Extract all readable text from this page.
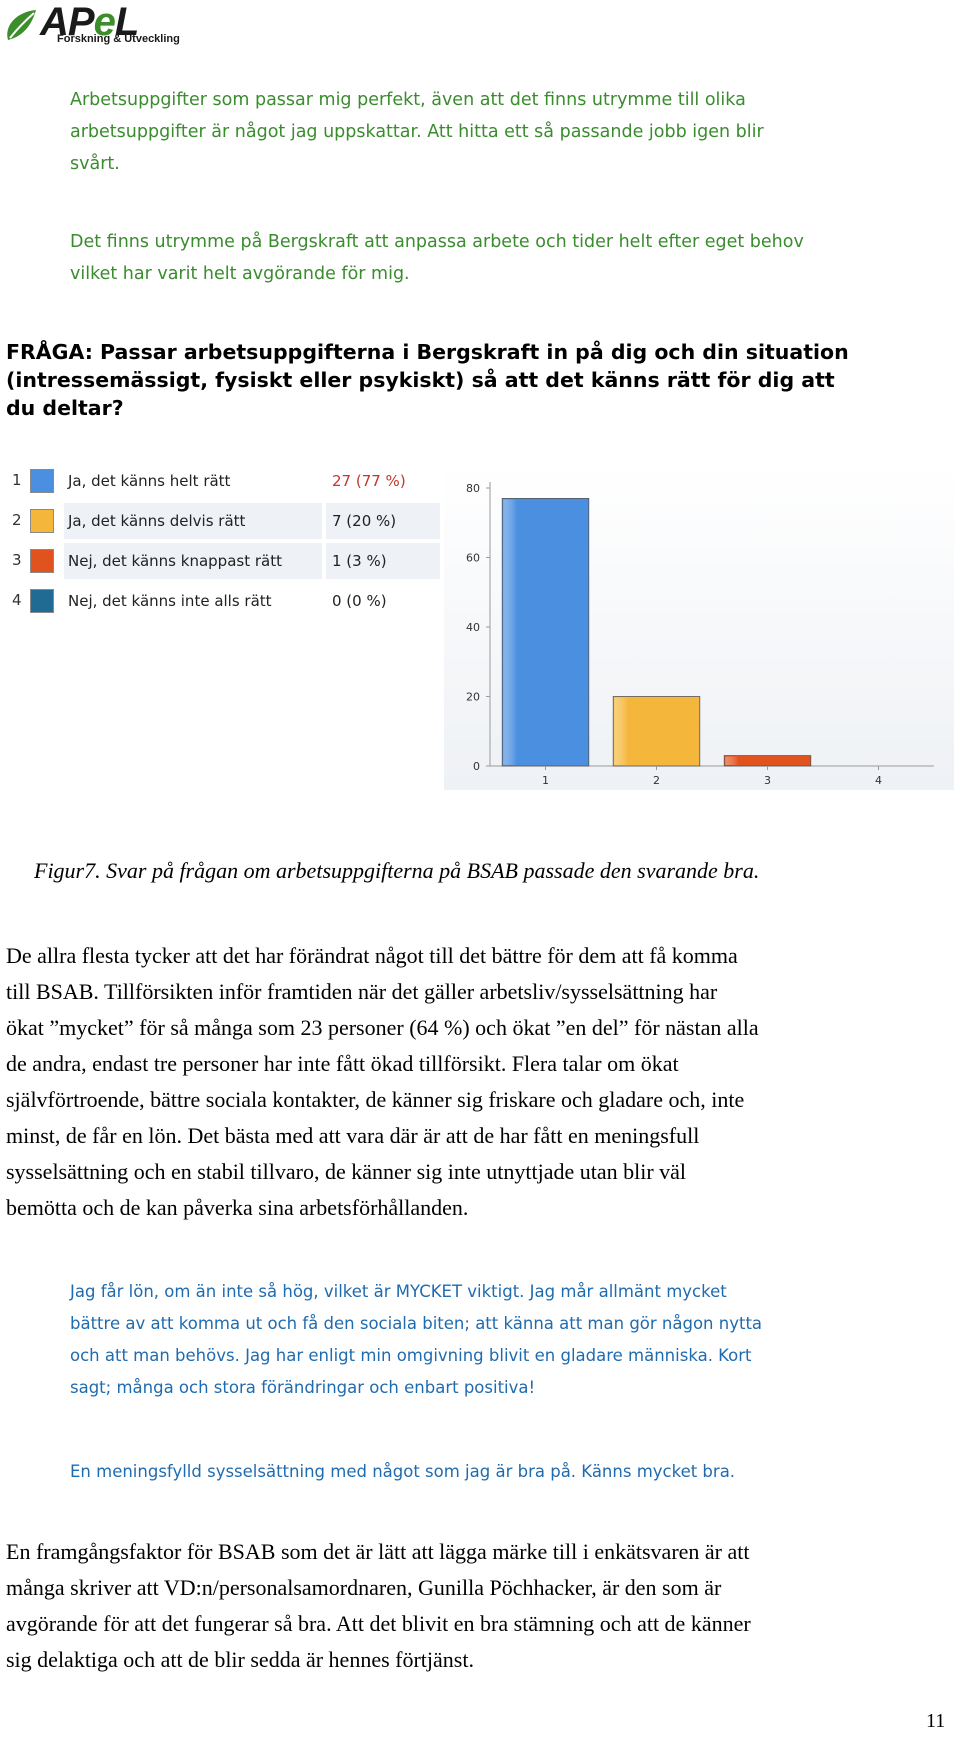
APeL
Forskning & Utveckling
Arbetsuppgifter som passar mig perfekt, även att det finns utrymme till olika
arbetsuppgifter är något jag uppskattar. Att hitta ett så passande jobb igen blir
svårt.
Det finns utrymme på Bergskraft att anpassa arbete och tider helt efter eget behov
vilket har varit helt avgörande för mig.
FRÅGA: Passar arbetsuppgifterna i Bergskraft in på dig och din situation
(intressemässigt, fysiskt eller psykiskt) så att det känns rätt för dig att
du deltar?
1	Ja, det känns helt rätt	27 (77 %)
2	Ja, det känns delvis rätt	7 (20 %)
3	Nej, det känns knappast rätt	1 (3 %)
4	Nej, det känns inte alls rätt	0 (0 %)
0
20
40
60
80
1	2	3	4
Figur7. Svar på frågan om arbetsuppgifterna på BSAB passade den svarande bra.
De allra flesta tycker att det har förändrat något till det bättre för dem att få komma
till BSAB. Tillförsikten inför framtiden när det gäller arbetsliv/sysselsättning har
ökat ”mycket” för så många som 23 personer (64 %) och ökat ”en del” för nästan alla
de andra, endast tre personer har inte fått ökad tillförsikt. Flera talar om ökat
självförtroende, bättre sociala kontakter, de känner sig friskare och gladare och, inte
minst, de får en lön. Det bästa med att vara där är att de har fått en meningsfull
sysselsättning och en stabil tillvaro, de känner sig inte utnyttjade utan blir väl
bemötta och de kan påverka sina arbetsförhållanden.
Jag får lön, om än inte så hög, vilket är MYCKET viktigt. Jag mår allmänt mycket
bättre av att komma ut och få den sociala biten; att känna att man gör någon nytta
och att man behövs. Jag har enligt min omgivning blivit en gladare människa. Kort
sagt; många och stora förändringar och enbart positiva!
En meningsfylld sysselsättning med något som jag är bra på. Känns mycket bra.
En framgångsfaktor för BSAB som det är lätt att lägga märke till i enkätsvaren är att
många skriver att VD:n/personalsamordnaren, Gunilla Pöchhacker, är den som är
avgörande för att det fungerar så bra. Att det blivit en bra stämning och att de känner
sig delaktiga och att de blir sedda är hennes förtjänst.
11
